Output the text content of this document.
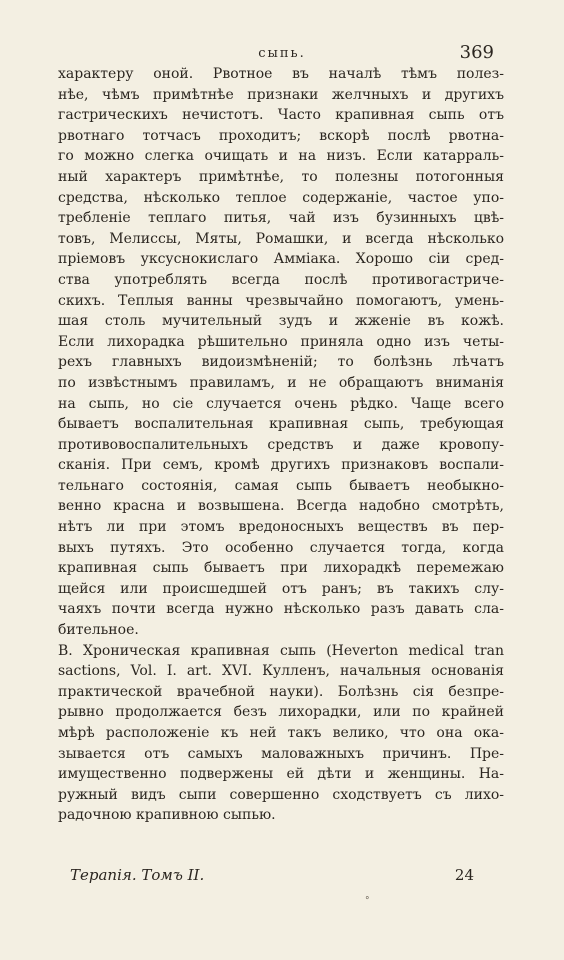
сыпь.	369
характеру оной. Рвотное въ началѣ тѣмъ полез-
нѣе, чѣмъ примѣтнѣе признаки желчныхъ и другихъ
гастрическихъ нечистотъ. Часто крапивная сыпь отъ
рвотнаго тотчасъ проходитъ; вскорѣ послѣ рвотна-
го можно слегка очищать и на низъ. Если катарраль-
ный характеръ примѣтнѣе, то полезны потогонныя
средства, нѣсколько теплое содержаніе, частое упо-
требленіе теплаго питья, чай изъ бузинныхъ цвѣ-
товъ, Мелиссы, Мяты, Ромашки, и всегда нѣсколько
пріемовъ уксуснокислаго Аммiака. Хорошо сіи сред-
ства употреблять всегда послѣ противогастриче-
скихъ. Теплыя ванны чрезвычайно помогаютъ, умень-
шая столь мучительный зудъ и жженіе въ кожѣ.
Если лихорадка рѣшительно приняла одно изъ четы-
рехъ главныхъ видоизмѣненій; то болѣзнь лѣчатъ
по извѣстнымъ правиламъ, и не обращаютъ вниманія
на сыпь, но сіе случается очень рѣдко. Чаще всего
бываетъ воспалительная крапивная сыпь, требующая
противовоспалительныхъ средствъ и даже кровопу-
сканія. При семъ, кромѣ другихъ признаковъ воспали-
тельнаго состоянія, самая сыпь бываетъ необыкно-
венно красна и возвышена. Всегда надобно смотрѣть,
нѣтъ ли при этомъ вредоносныхъ веществъ въ пер-
выхъ путяхъ. Это особенно случается тогда, когда
крапивная сыпь бываетъ при лихорадкѣ перемежаю
щейся или происшедшей отъ ранъ; въ такихъ слу-
чаяхъ почти всегда нужно нѣсколько разъ давать сла-
бительное.
B. Хроническая крапивная сыпь (Heverton medical tran
sactions, Vol. I. art. XVI. Кулленъ, начальныя основанія
практической врачебной науки). Болѣзнь сія безпре-
рывно продолжается безъ лихорадки, или по крайней
мѣрѣ расположеніе къ ней такъ велико, что она ока-
зывается отъ самыхъ маловажныхъ причинъ. Пре-
имущественно подвержены ей дѣти и женщины. На-
ружный видъ сыпи совершенно сходствуетъ съ лихо-
радочною крапивною сыпью.
Терапія. Томъ II.	24
°
